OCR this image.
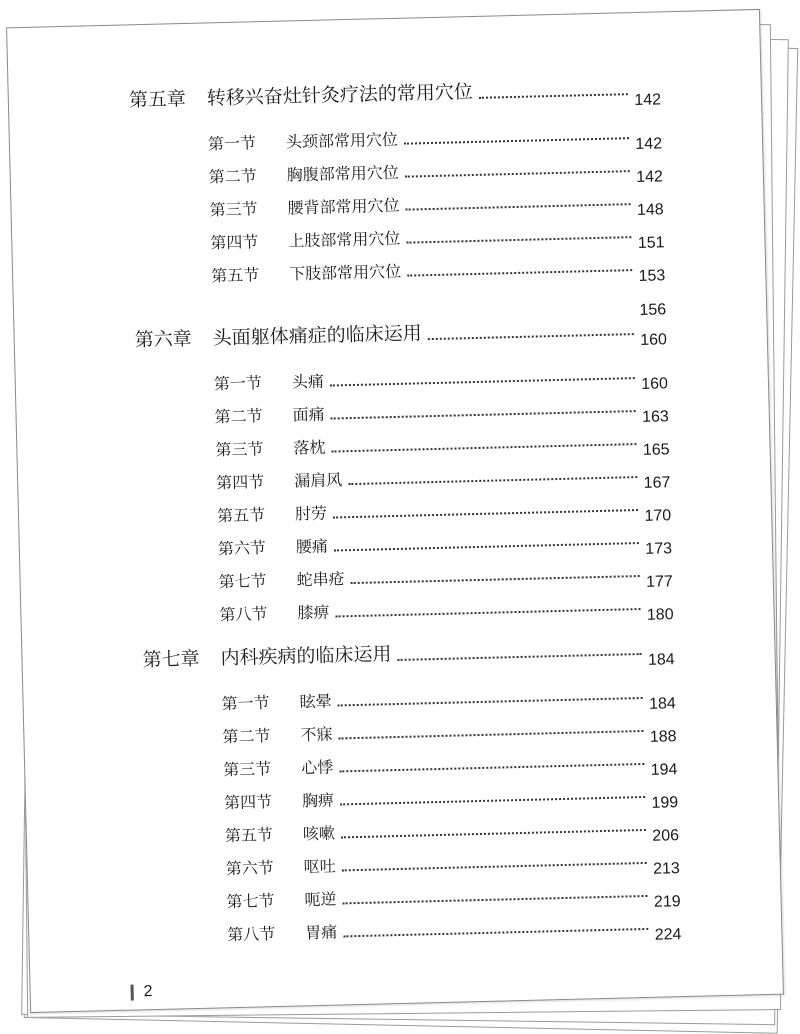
第五章	转移兴奋灶针灸疗法的常用穴位	142
第一节	头颈部常用穴位	142
第二节	胸腹部常用穴位	142
第三节	腰背部常用穴位	148
第四节	上肢部常用穴位	151
第五节	下肢部常用穴位	153
第六章	头面躯体痛症的临床运用	160
第一节	头痛	160
第二节	面痛	163
第三节	落枕	165
第四节	漏肩风	167
第五节	肘劳	170
第六节	腰痛	173
第七节	蛇串疮	177
第八节	膝痹	180
第七章	内科疾病的临床运用	184
第一节	眩晕	184
第二节	不寐	188
第三节	心悸	194
第四节	胸痹	199
第五节	咳嗽	206
第六节	呕吐	213
第七节	呃逆	219
第八节	胃痛	224
156
2
